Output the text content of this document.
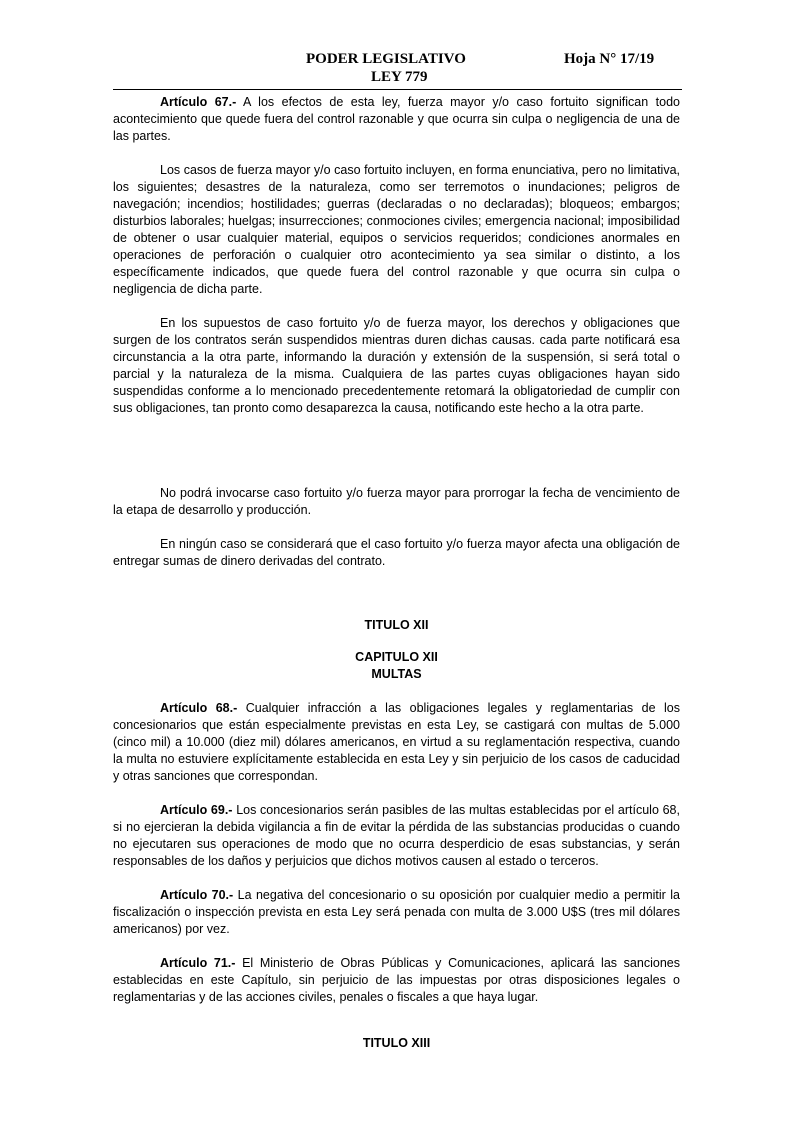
PODER LEGISLATIVO	Hoja N° 17/19
LEY 779

Artículo 67.- A los efectos de esta ley, fuerza mayor y/o caso fortuito significan todo acontecimiento que quede fuera del control razonable y que ocurra sin culpa o negligencia de una de las partes.

Los casos de fuerza mayor y/o caso fortuito incluyen, en forma enunciativa, pero no limitativa, los siguientes; desastres de la naturaleza, como ser terremotos o inundaciones; peligros de navegación; incendios; hostilidades; guerras (declaradas o no declaradas); bloqueos; embargos; disturbios laborales; huelgas; insurrecciones; conmociones civiles; emergencia nacional; imposibilidad de obtener o usar cualquier material, equipos o servicios requeridos; condiciones anormales en operaciones de perforación o cualquier otro acontecimiento ya sea similar o distinto, a los específicamente indicados, que quede fuera del control razonable y que ocurra sin culpa o negligencia de dicha parte.

En los supuestos de caso fortuito y/o de fuerza mayor, los derechos y obligaciones que surgen de los contratos serán suspendidos mientras duren dichas causas. cada parte notificará esa circunstancia a la otra parte, informando la duración y extensión de la suspensión, si será total o parcial y la naturaleza de la misma. Cualquiera de las partes cuyas obligaciones hayan sido suspendidas conforme a lo mencionado precedentemente retomará la obligatoriedad de cumplir con sus obligaciones, tan pronto como desaparezca la causa, notificando este hecho a la otra parte.

No podrá invocarse caso fortuito y/o fuerza mayor para prorrogar la fecha de vencimiento de la etapa de desarrollo y producción.

En ningún caso se considerará que el caso fortuito y/o fuerza mayor afecta una obligación de entregar sumas de dinero derivadas del contrato.

TITULO XII
CAPITULO XII
MULTAS

Artículo 68.- Cualquier infracción a las obligaciones legales y reglamentarias de los concesionarios que están especialmente previstas en esta Ley, se castigará con multas de 5.000 (cinco mil) a 10.000 (diez mil) dólares americanos, en virtud a su reglamentación respectiva, cuando la multa no estuviere explícitamente establecida en esta Ley y sin perjuicio de los casos de caducidad y otras sanciones que correspondan.

Artículo 69.- Los concesionarios serán pasibles de las multas establecidas por el artículo 68, si no ejercieran la debida vigilancia a fin de evitar la pérdida de las substancias producidas o cuando no ejecutaren sus operaciones de modo que no ocurra desperdicio de esas substancias, y serán responsables de los daños y perjuicios que dichos motivos causen al estado o terceros.

Artículo 70.- La negativa del concesionario o su oposición por cualquier medio a permitir la fiscalización o inspección prevista en esta Ley será penada con multa de 3.000 U$S (tres mil dólares americanos) por vez.

Artículo 71.- El Ministerio de Obras Públicas y Comunicaciones, aplicará las sanciones establecidas en este Capítulo, sin perjuicio de las impuestas por otras disposiciones legales o reglamentarias y de las acciones civiles, penales o fiscales a que haya lugar.

TITULO XIII
